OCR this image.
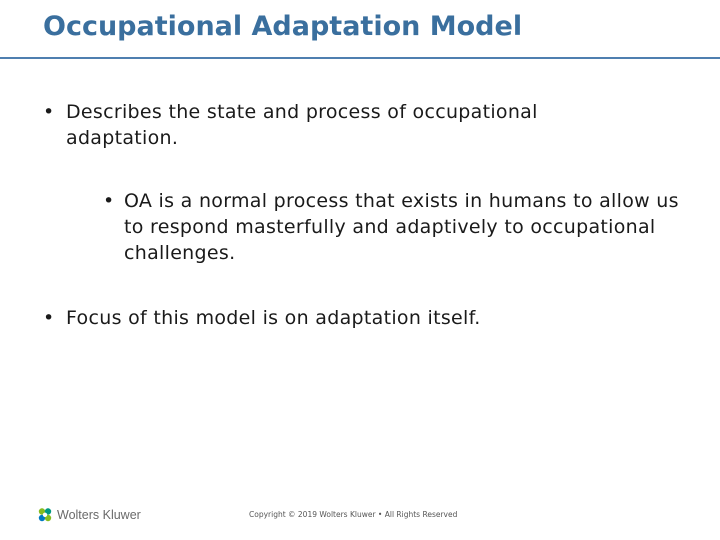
Occupational Adaptation Model

• Describes the state and process of occupational adaptation.

• OA is a normal process that exists in humans to allow us to respond masterfully and adaptively to occupational challenges.

• Focus of this model is on adaptation itself.

Wolters Kluwer	Copyright © 2019 Wolters Kluwer • All Rights Reserved
